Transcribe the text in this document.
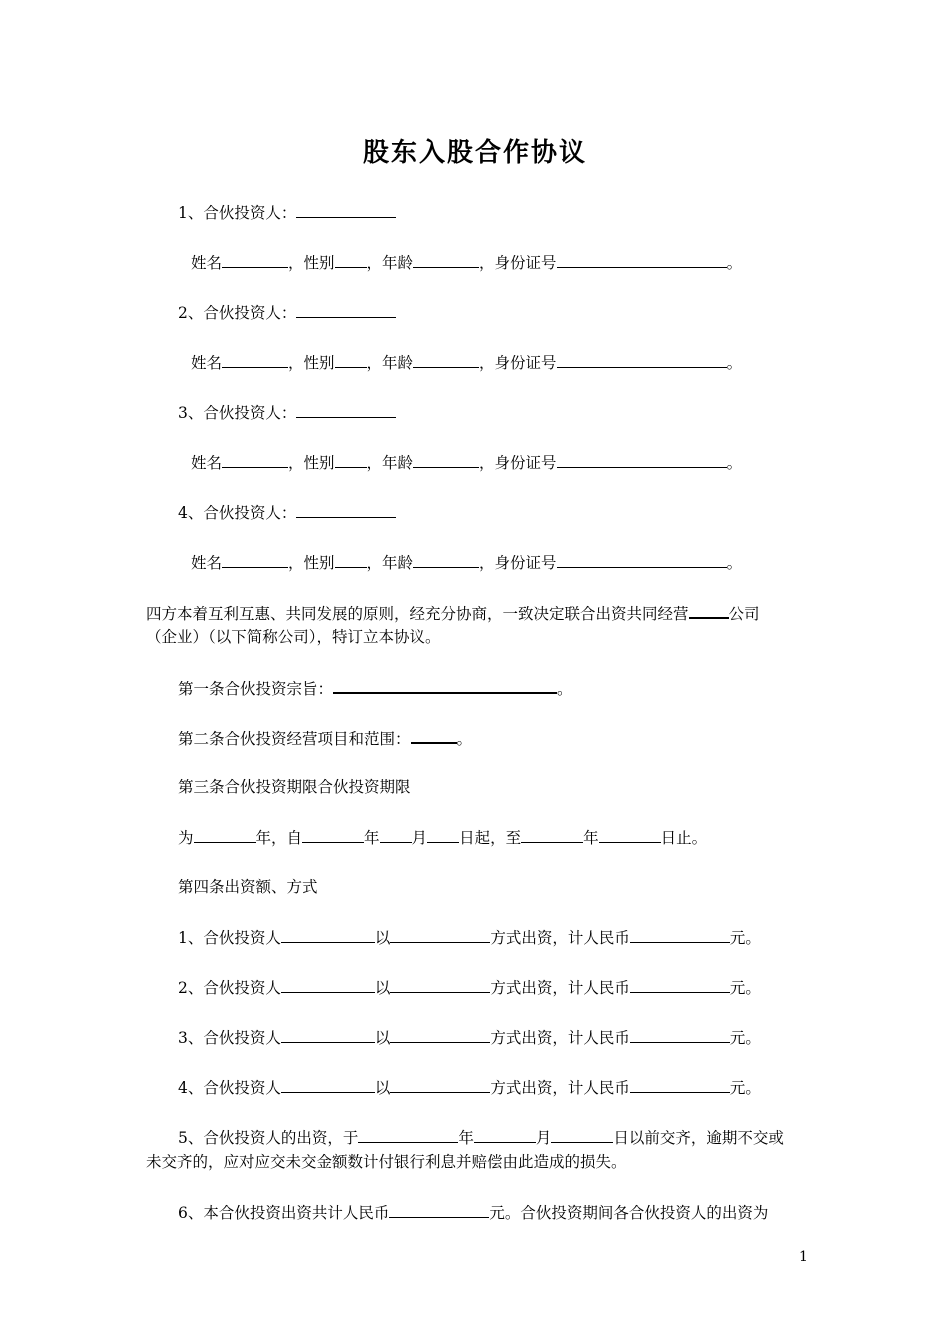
股东入股合作协议
1、合伙投资人：
姓名	，性别 ，年龄	，身份证号	。
2、合伙投资人：
姓名	，性别 ，年龄	，身份证号	。
3、合伙投资人：
姓名	，性别 ，年龄	，身份证号	。
4、合伙投资人：
姓名	，性别 ，年龄	，身份证号	。
四方本着互利互惠、共同发展的原则，经充分协商，一致决定联合出资共同经营	公司
（企业）（以下简称公司），特订立本协议。
第一条合伙投资宗旨：	。
第二条合伙投资经营项目和范围：	。
第三条合伙投资期限合伙投资期限
为	年，自	年 月 日起，至	年	日止。
第四条出资额、方式
1、合伙投资人	以	方式出资，计人民币	元。
2、合伙投资人	以	方式出资，计人民币	元。
3、合伙投资人	以	方式出资，计人民币	元。
4、合伙投资人	以	方式出资，计人民币	元。
5、合伙投资人的出资，于	年	月	日以前交齐，逾期不交或
未交齐的，应对应交未交金额数计付银行利息并赔偿由此造成的损失。
6、本合伙投资出资共计人民币	元。合伙投资期间各合伙投资人的出资为
1
